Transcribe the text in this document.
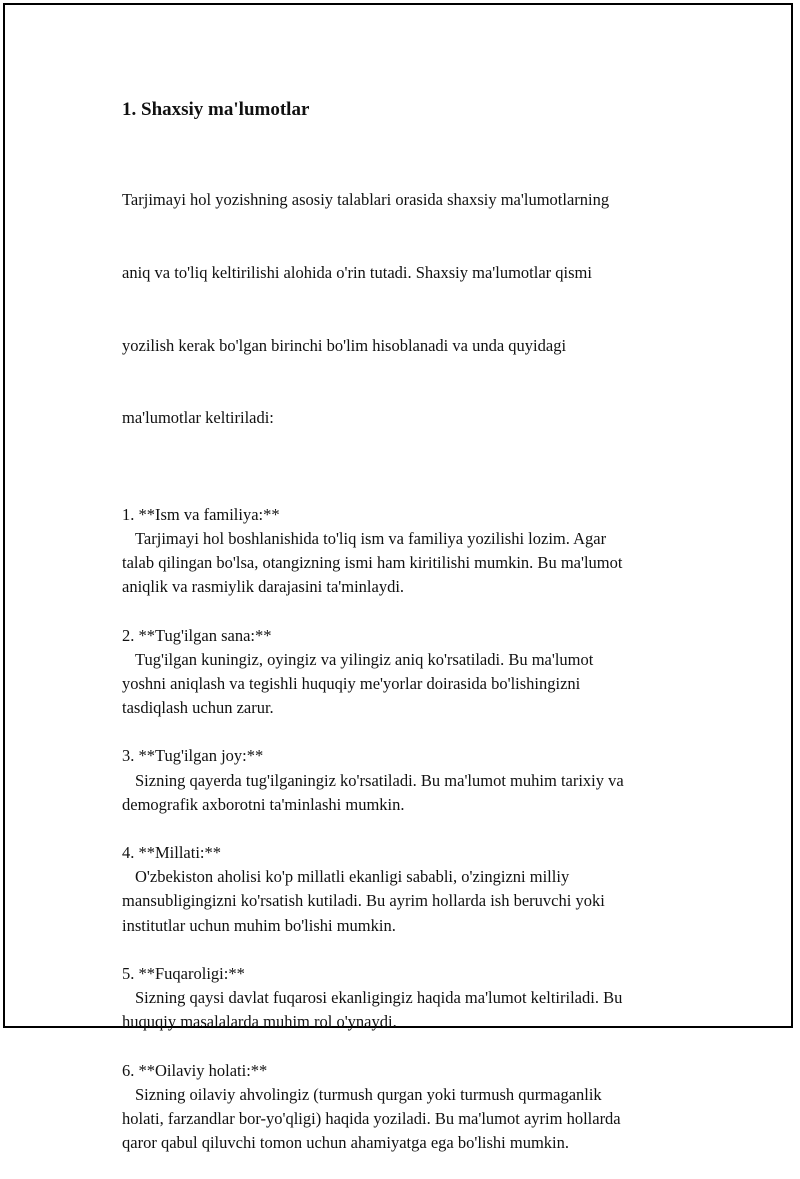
1. Shaxsiy ma'lumotlar

Tarjimayi hol yozishning asosiy talablari orasida shaxsiy ma'lumotlarning

aniq va to'liq keltirilishi alohida o'rin tutadi. Shaxsiy ma'lumotlar qismi

yozilish kerak bo'lgan birinchi bo'lim hisoblanadi va unda quyidagi

ma'lumotlar keltiriladi:

1. **Ism va familiya:**
Tarjimayi hol boshlanishida to'liq ism va familiya yozilishi lozim. Agar
talab qilingan bo'lsa, otangizning ismi ham kiritilishi mumkin. Bu ma'lumot
aniqlik va rasmiylik darajasini ta'minlaydi.
2. **Tug'ilgan sana:**
Tug'ilgan kuningiz, oyingiz va yilingiz aniq ko'rsatiladi. Bu ma'lumot
yoshni aniqlash va tegishli huquqiy me'yorlar doirasida bo'lishingizni
tasdiqlash uchun zarur.
3. **Tug'ilgan joy:**
Sizning qayerda tug'ilganingiz ko'rsatiladi. Bu ma'lumot muhim tarixiy va
demografik axborotni ta'minlashi mumkin.
4. **Millati:**
O'zbekiston aholisi ko'p millatli ekanligi sababli, o'zingizni milliy
mansubligingizni ko'rsatish kutiladi. Bu ayrim hollarda ish beruvchi yoki
institutlar uchun muhim bo'lishi mumkin.
5. **Fuqaroligi:**
Sizning qaysi davlat fuqarosi ekanligingiz haqida ma'lumot keltiriladi. Bu
huquqiy masalalarda muhim rol o'ynaydi.
6. **Oilaviy holati:**
Sizning oilaviy ahvolingiz (turmush qurgan yoki turmush qurmaganlik
holati, farzandlar bor-yo'qligi) haqida yoziladi. Bu ma'lumot ayrim hollarda
qaror qabul qiluvchi tomon uchun ahamiyatga ega bo'lishi mumkin.
